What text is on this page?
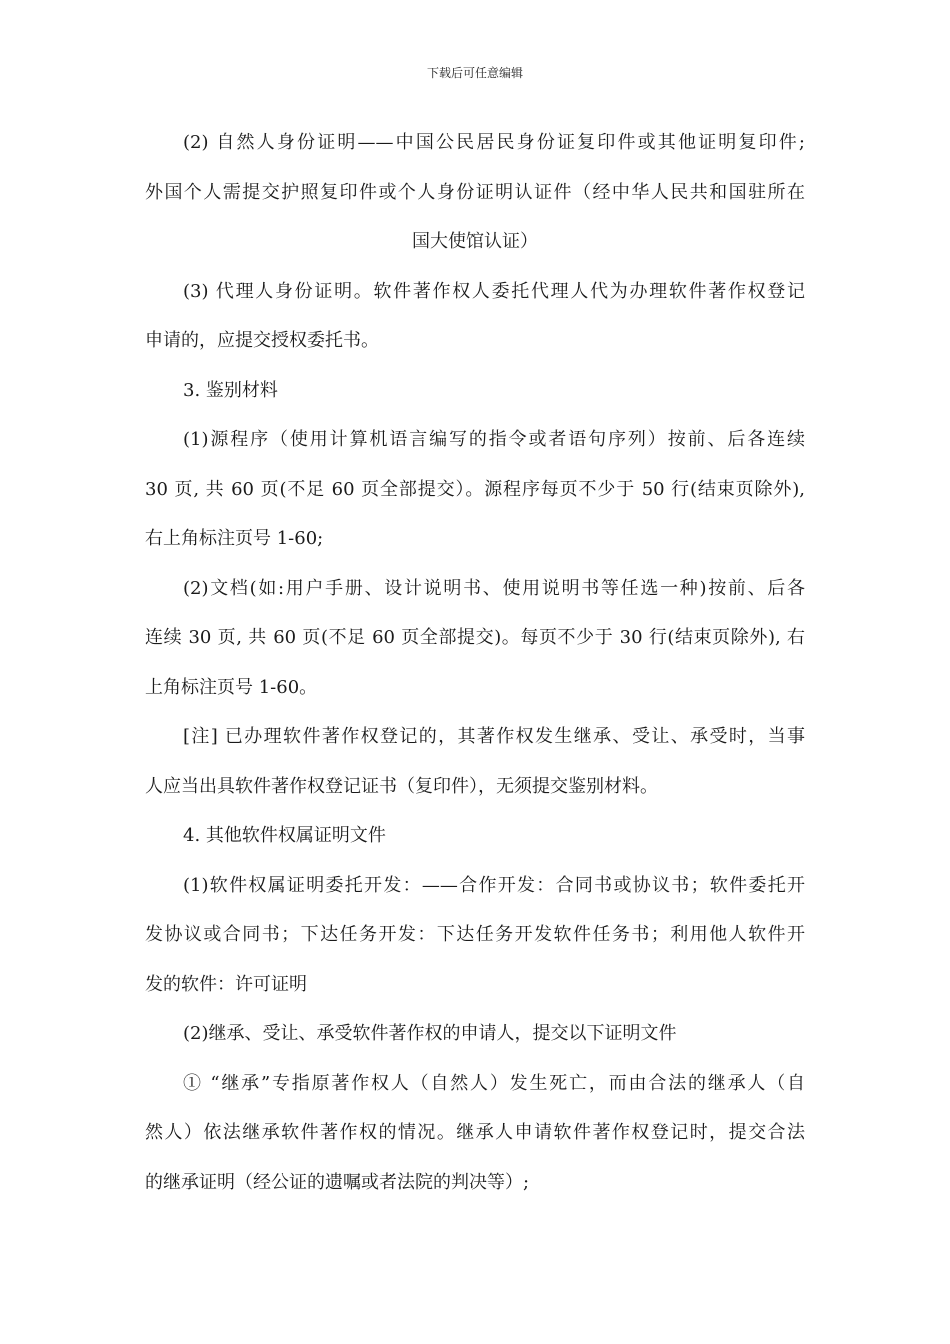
下载后可任意编辑
(2) 自然人身份证明——中国公民居民身份证复印件或其他证明复印件;
外国个人需提交护照复印件或个人身份证明认证件（经中华人民共和国驻所在
国大使馆认证）
(3) 代理人身份证明。软件著作权人委托代理人代为办理软件著作权登记
申请的，应提交授权委托书。
3. 鉴别材料
(1)源程序（使用计算机语言编写的指令或者语句序列）按前、后各连续
30 页, 共 60 页(不足 60 页全部提交）。源程序每页不少于 50 行(结束页除外),
右上角标注页号 1-60;
(2)文档(如:用户手册、设计说明书、使用说明书等任选一种)按前、后各
连续 30 页, 共 60 页(不足 60 页全部提交)。每页不少于 30 行(结束页除外), 右
上角标注页号 1-60。
[注] 已办理软件著作权登记的，其著作权发生继承、受让、承受时，当事
人应当出具软件著作权登记证书（复印件），无须提交鉴别材料。
4. 其他软件权属证明文件
(1)软件权属证明委托开发：——合作开发：合同书或协议书；软件委托开
发协议或合同书；下达任务开发：下达任务开发软件任务书；利用他人软件开
发的软件：许可证明
(2)继承、受让、承受软件著作权的申请人，提交以下证明文件
① “继承”专指原著作权人（自然人）发生死亡，而由合法的继承人（自
然人）依法继承软件著作权的情况。继承人申请软件著作权登记时，提交合法
的继承证明（经公证的遗嘱或者法院的判决等）;
